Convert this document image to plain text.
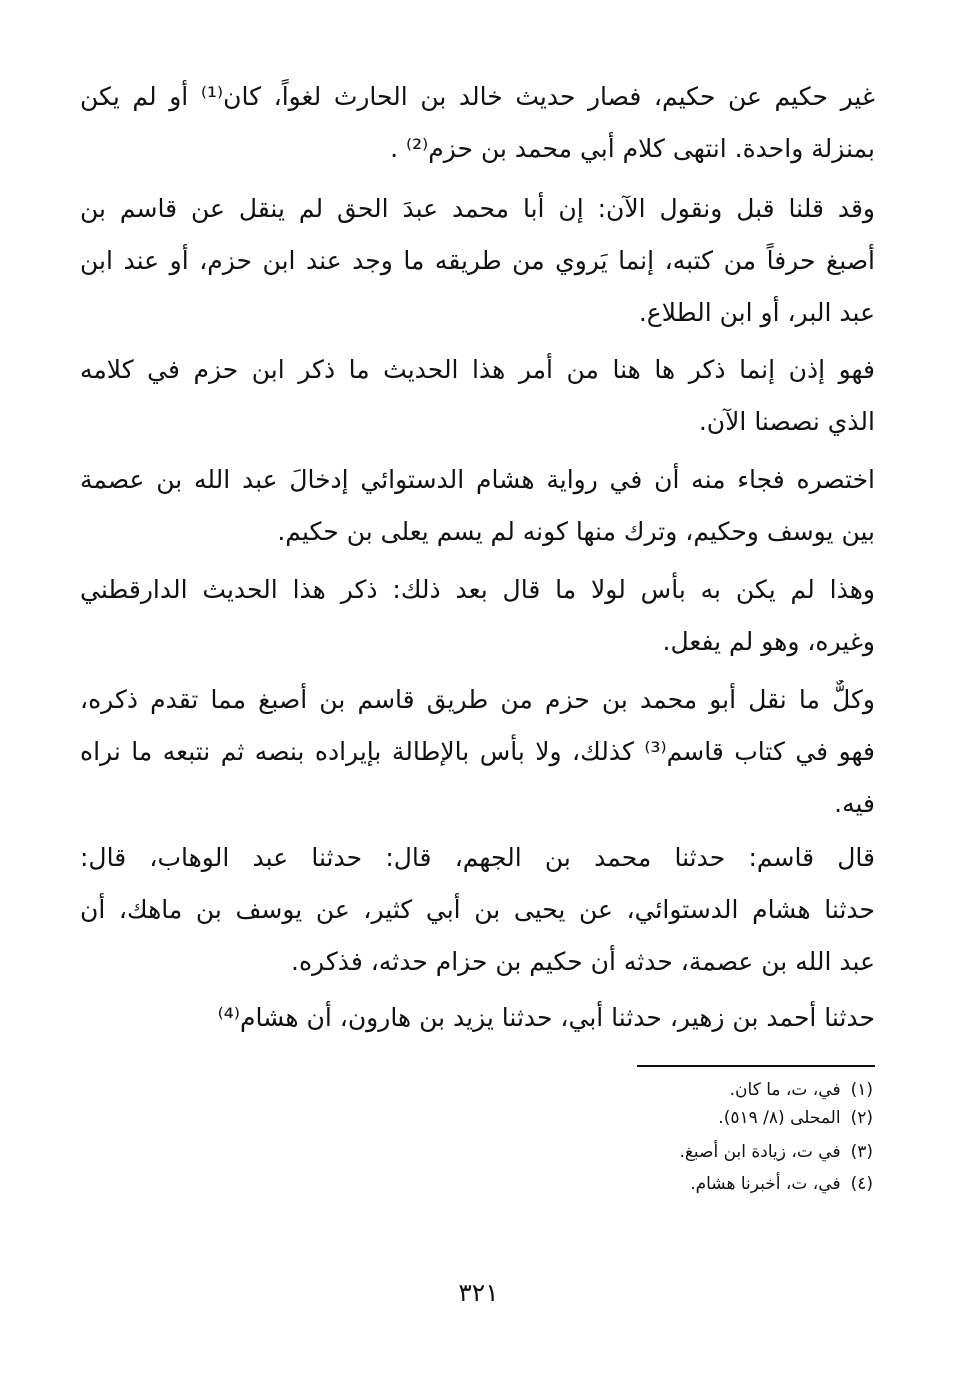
غير حكيم عن حكيم، فصار حديث خالد بن الحارث لغواً، كان⁽¹⁾ أو لم يكن
بمنزلة واحدة. انتهى كلام أبي محمد بن حزم⁽²⁾ .
وقد قلنا قبل ونقول الآن: إن أبا محمد عبدَ الحق لم ينقل عن قاسم بن
أصبغ حرفاً من كتبه، إنما يَروي من طريقه ما وجد عند ابن حزم، أو عند ابن
عبد البر، أو ابن الطلاع.
فهو إذن إنما ذكر ها هنا من أمر هذا الحديث ما ذكر ابن حزم في كلامه
الذي نصصنا الآن.
اختصره فجاء منه أن في رواية هشام الدستوائي إدخالَ عبد الله بن عصمة
بين يوسف وحكيم، وترك منها كونه لم يسم يعلى بن حكيم.
وهذا لم يكن به بأس لولا ما قال بعد ذلك: ذكر هذا الحديث الدارقطني
وغيره، وهو لم يفعل.
وكلٌّ ما نقل أبو محمد بن حزم من طريق قاسم بن أصبغ مما تقدم ذكره،
فهو في كتاب قاسم⁽³⁾ كذلك، ولا بأس بالإطالة بإيراده بنصه ثم نتبعه ما نراه
فيه.
قال قاسم: حدثنا محمد بن الجهم، قال: حدثنا عبد الوهاب، قال:
حدثنا هشام الدستوائي، عن يحيى بن أبي كثير، عن يوسف بن ماهك، أن
عبد الله بن عصمة، حدثه أن حكيم بن حزام حدثه، فذكره.
حدثنا أحمد بن زهير، حدثنا أبي، حدثنا يزيد بن هارون، أن هشام⁽⁴⁾
(١)في، ت، ما كان.
(٢)المحلى (٨/ ٥١٩).
(٣)في ت، زيادة ابن أصبغ.
(٤)في، ت، أخبرنا هشام.
٣٢١
